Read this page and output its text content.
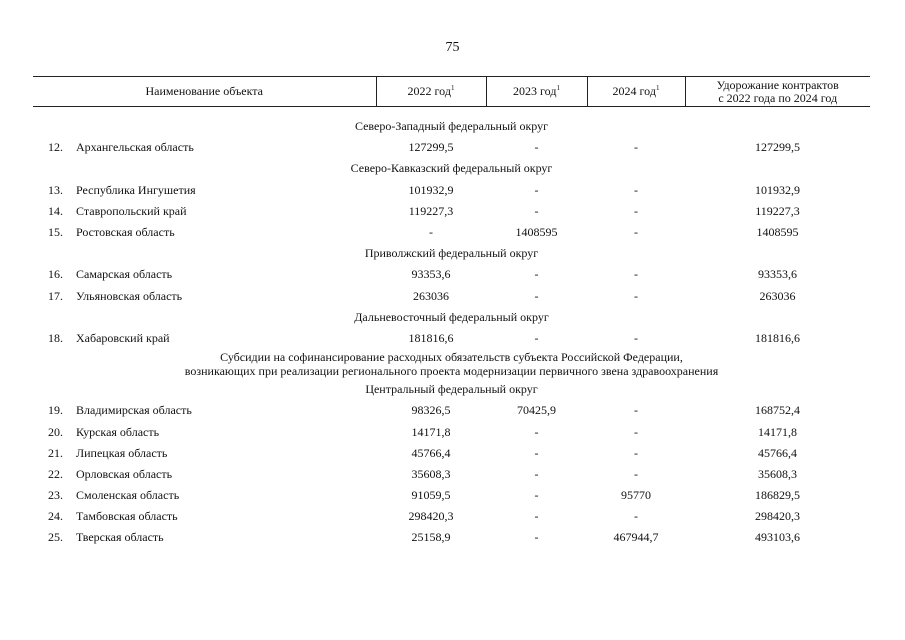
75
Наименование объекта		2022 год$^1$	2023 год$^1$	2024 год$^1$	Удорожание контрактов
с 2022 года по 2024 год

Северо-Западный федеральный округ					
12.	Архангельская область	127299,5	-	-	127299,5
Северо-Кавказский федеральный округ					
13.	Республика Ингушетия	101932,9	-	-	101932,9
14.	Ставропольский край	119227,3	-	-	119227,3
15.	Ростовская область	-	1408595	-	1408595
Приволжский федеральный округ					
16.	Самарская область	93353,6	-	-	93353,6
17.	Ульяновская область	263036	-	-	263036
Дальневосточный федеральный округ					
18.	Хабаровский край	181816,6	-	-	181816,6
Субсидии на софинансирование расходных обязательств субъекта Российской Федерации,
возникающих при реализации регионального проекта модернизации первичного звена здравоохранения					
Центральный федеральный округ					
19.	Владимирская область	98326,5	70425,9	-	168752,4
20.	Курская область	14171,8	-	-	14171,8
21.	Липецкая область	45766,4	-	-	45766,4
22.	Орловская область	35608,3	-	-	35608,3
23.	Смоленская область	91059,5	-	95770	186829,5
24.	Тамбовская область	298420,3	-	-	298420,3
25.	Тверская область	25158,9	-	467944,7	493103,6
